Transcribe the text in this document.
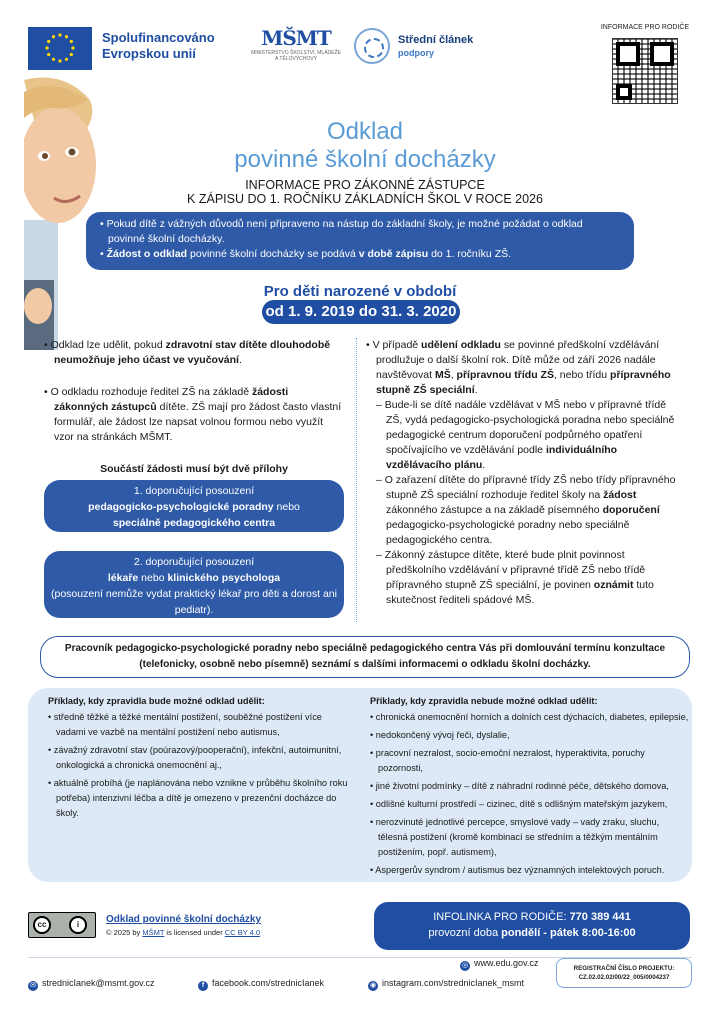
Spolufinancováno
Evropskou unií
MŠMT
MINISTERSTVO ŠKOLSTVÍ, MLÁDEŽE A TĚLOVÝCHOVY
Střední článek
podpory
INFORMACE PRO RODIČE
Odklad
povinné školní docházky
INFORMACE PRO ZÁKONNÉ ZÁSTUPCE
K ZÁPISU DO 1. ROČNÍKU ZÁKLADNÍCH ŠKOL V ROCE 2026
• Pokud dítě z vážných důvodů není připraveno na nástup do základní školy, je možné požádat o odklad povinné školní docházky.
• Žádost o odklad povinné školní docházky se podává v době zápisu do 1. ročníku ZŠ.
Pro děti narozené v období
od 1. 9. 2019 do 31. 3. 2020
• Odklad lze udělit, pokud zdravotní stav dítěte dlouhodobě neumožňuje jeho účast ve vyučování.
• O odkladu rozhoduje ředitel ZŠ na základě žádosti zákonných zástupců dítěte. ZŠ mají pro žádost často vlastní formulář, ale žádost lze napsat volnou formou nebo využít vzor na stránkách MŠMT.
Součástí žádosti musí být dvě přílohy
1. doporučující posouzení
pedagogicko-psychologické poradny nebo
speciálně pedagogického centra
2. doporučující posouzení
lékaře nebo klinického psychologa
(posouzení nemůže vydat praktický lékař pro děti a dorost ani pediatr).
• V případě udělení odkladu se povinné předškolní vzdělávání prodlužuje o další školní rok. Dítě může od září 2026 nadále navštěvovat MŠ, přípravnou třídu ZŠ, nebo třídu přípravného stupně ZŠ speciální.
– Bude-li se dítě nadále vzdělávat v MŠ nebo v přípravné třídě ZŠ, vydá pedagogicko-psychologická poradna nebo speciálně pedagogické centrum doporučení podpůrného opatření spočívajícího ve vzdělávání podle individuálního vzdělávacího plánu.
– O zařazení dítěte do přípravné třídy ZŠ nebo třídy přípravného stupně ZŠ speciální rozhoduje ředitel školy na žádost zákonného zástupce a na základě písemného doporučení pedagogicko-psychologické poradny nebo speciálně pedagogického centra.
– Zákonný zástupce dítěte, které bude plnit povinnost předškolního vzdělávání v přípravné třídě ZŠ nebo třídě přípravného stupně ZŠ speciální, je povinen oznámit tuto skutečnost řediteli spádové MŠ.
Pracovník pedagogicko-psychologické poradny nebo speciálně pedagogického centra Vás při domlouvání termínu konzultace (telefonicky, osobně nebo písemně) seznámí s dalšími informacemi o odkladu školní docházky.
Příklady, kdy zpravidla bude možné odklad udělit:
• středně těžké a těžké mentální postižení, souběžné postižení více vadami ve vazbě na mentální postižení nebo autismus,
• závažný zdravotní stav (poúrazový/pooperační), infekční, autoimunitní, onkologická a chronická onemocnění aj.,
• aktuálně probíhá (je naplánována nebo vznikne v průběhu školního roku potřeba) intenzivní léčba a dítě je omezeno v prezenční docházce do školy.
Příklady, kdy zpravidla nebude možné odklad udělit:
• chronická onemocnění horních a dolních cest dýchacích, diabetes, epilepsie,
• nedokončený vývoj řeči, dyslalie,
• pracovní nezralost, socio-emoční nezralost, hyperaktivita, poruchy pozornosti,
• jiné životní podmínky – dítě z náhradní rodinné péče, dětského domova,
• odlišné kulturní prostředí – cizinec, dítě s odlišným mateřským jazykem,
• nerozvinuté jednotlivé percepce, smyslové vady – vady zraku, sluchu, tělesná postižení (kromě kombinací se středním a těžkým mentálním postižením, popř. autismem),
• Aspergerův syndrom / autismus bez významných intelektových poruch.
cc	i	Odklad povinné školní docházky
© 2025 by MŠMT is licensed under CC BY 4.0
INFOLINKA PRO RODIČE: 770 389 441
provozní doba pondělí - pátek 8:00-16:00
◎ www.edu.gov.cz
REGISTRAČNÍ ČÍSLO PROJEKTU:
CZ.02.02.02/00/22_005/0004237
✉ strednicIanek@msmt.gov.cz	f facebook.com/strednicIanek	◉ instagram.com/strednicIanek_msmt
